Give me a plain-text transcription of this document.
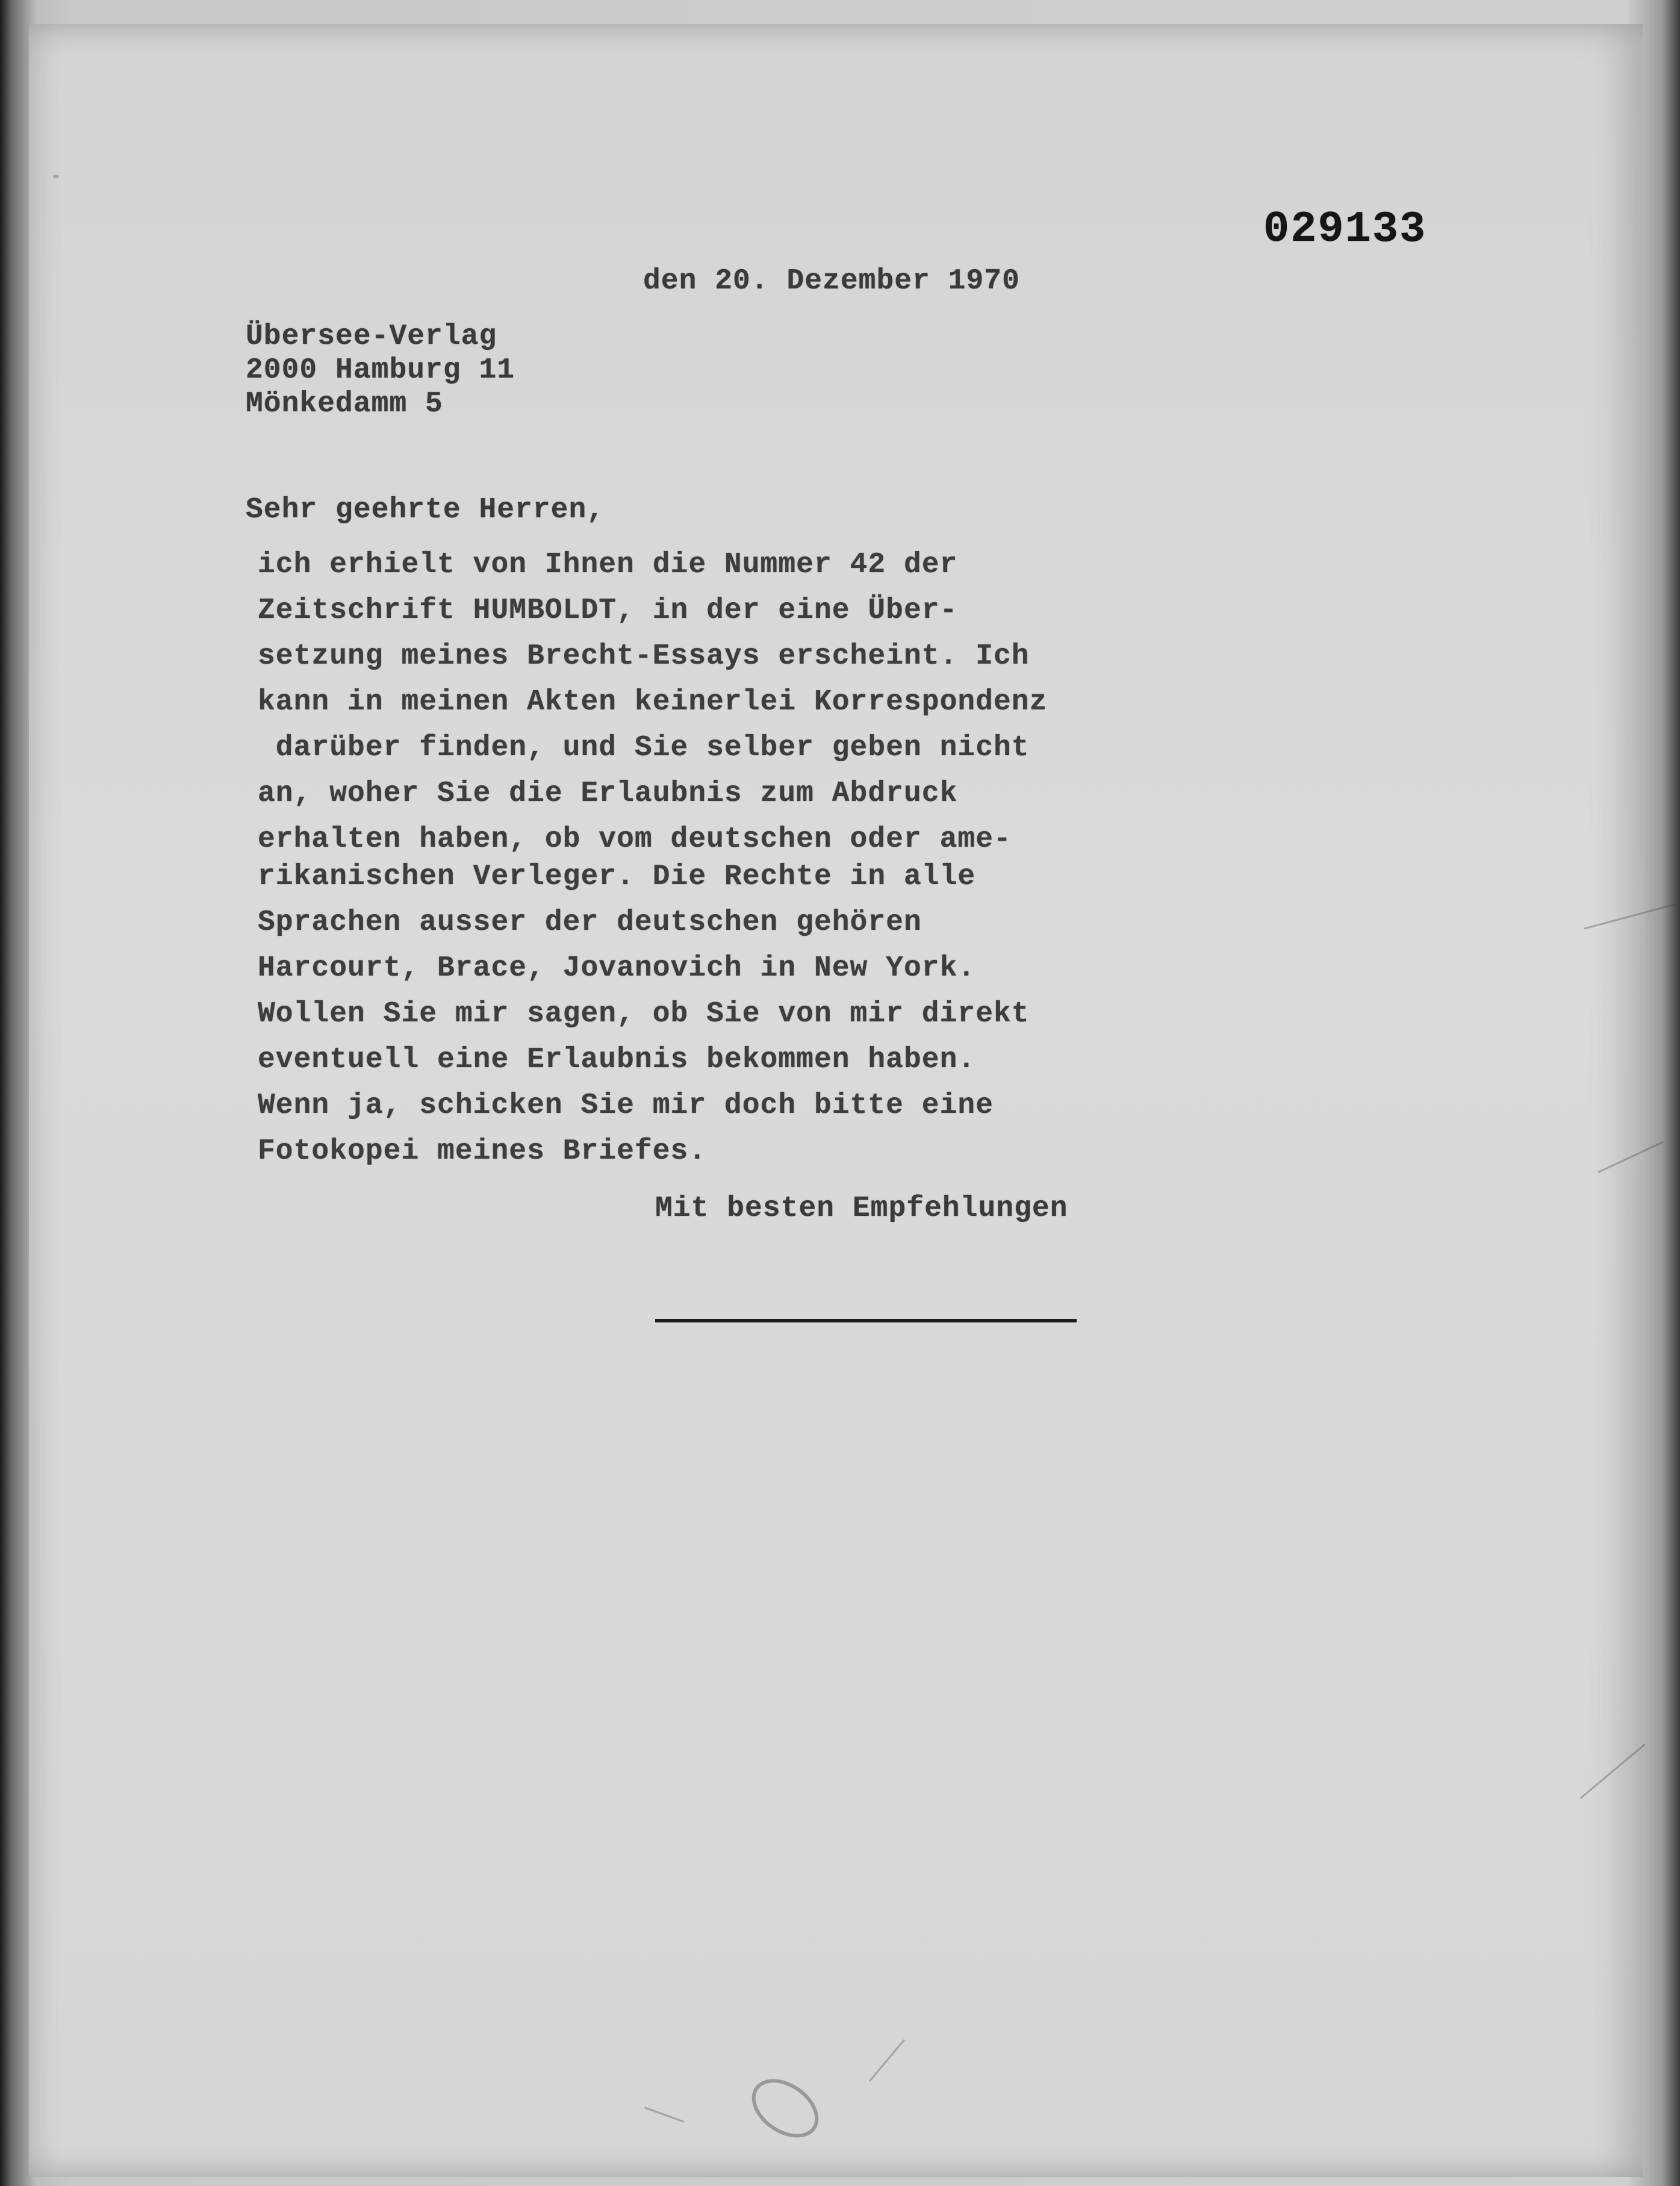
029133
den 20. Dezember 1970
Übersee-Verlag
2000 Hamburg 11
Mönkedamm 5
Sehr geehrte Herren,
ich erhielt von Ihnen die Nummer 42 der
Zeitschrift HUMBOLDT, in der eine Über-
setzung meines Brecht-Essays erscheint. Ich
kann in meinen Akten keinerlei Korrespondenz
darüber finden, und Sie selber geben nicht
an, woher Sie die Erlaubnis zum Abdruck
erhalten haben, ob vom deutschen oder ame-
rikanischen Verleger. Die Rechte in alle
Sprachen ausser der deutschen gehören
Harcourt, Brace, Jovanovich in New York.
Wollen Sie mir sagen, ob Sie von mir direkt
eventuell eine Erlaubnis bekommen haben.
Wenn ja, schicken Sie mir doch bitte eine
Fotokopei meines Briefes.
Mit besten Empfehlungen
